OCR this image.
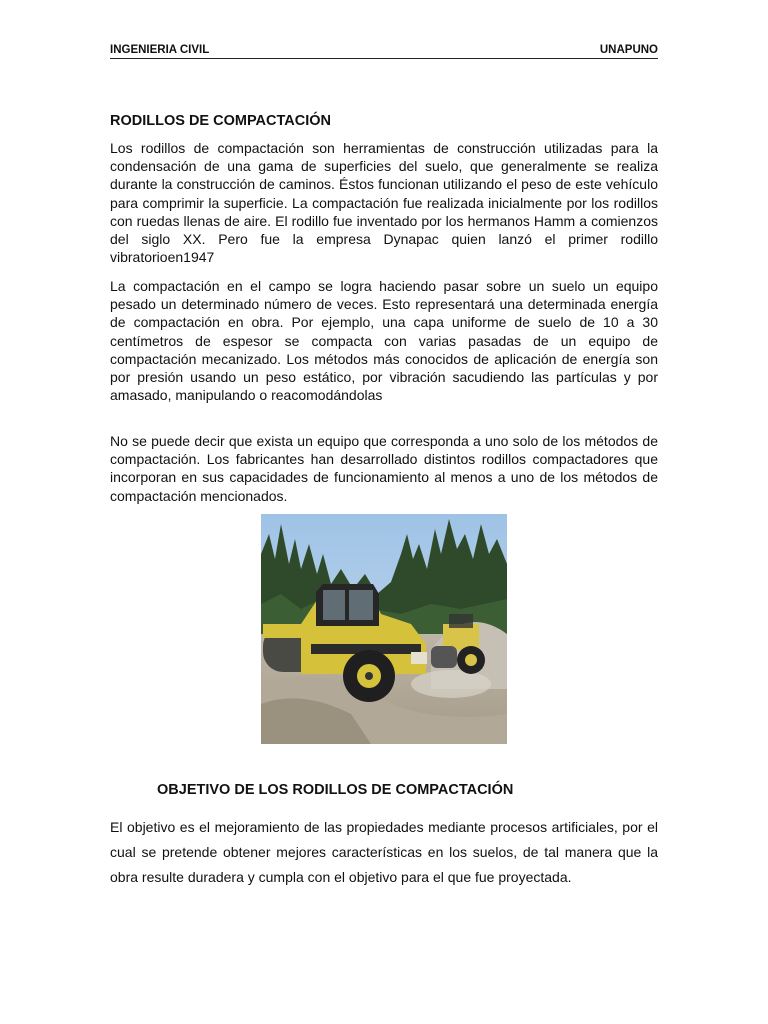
INGENIERIA CIVIL	UNAPUNO
RODILLOS DE COMPACTACIÓN
Los rodillos de compactación son herramientas de construcción utilizadas para la condensación de una gama de superficies del suelo, que generalmente se realiza durante la construcción de caminos. Éstos funcionan utilizando el peso de este vehículo para comprimir la superficie. La compactación fue realizada inicialmente por los rodillos con ruedas llenas de aire. El rodillo fue inventado por los hermanos Hamm a comienzos del siglo XX. Pero fue la empresa Dynapac quien lanzó el primer rodillo vibratorioen1947
La compactación en el campo se logra haciendo pasar sobre un suelo un equipo pesado un determinado número de veces. Esto representará una determinada energía de compactación en obra. Por ejemplo, una capa uniforme de suelo de 10 a 30 centímetros de espesor se compacta con varias pasadas de un equipo de compactación mecanizado. Los métodos más conocidos de aplicación de energía son por presión usando un peso estático, por vibración sacudiendo las partículas y por amasado, manipulando o reacomodándolas
No se puede decir que exista un equipo que corresponda a uno solo de los métodos de compactación. Los fabricantes han desarrollado distintos rodillos compactadores que incorporan en sus capacidades de funcionamiento al menos a uno de los métodos de compactación mencionados.
OBJETIVO DE LOS RODILLOS DE COMPACTACIÓN
El objetivo es el mejoramiento de las propiedades mediante procesos artificiales, por el cual se pretende obtener mejores características en los suelos, de tal manera que la obra resulte duradera y cumpla con el objetivo para el que fue proyectada.
